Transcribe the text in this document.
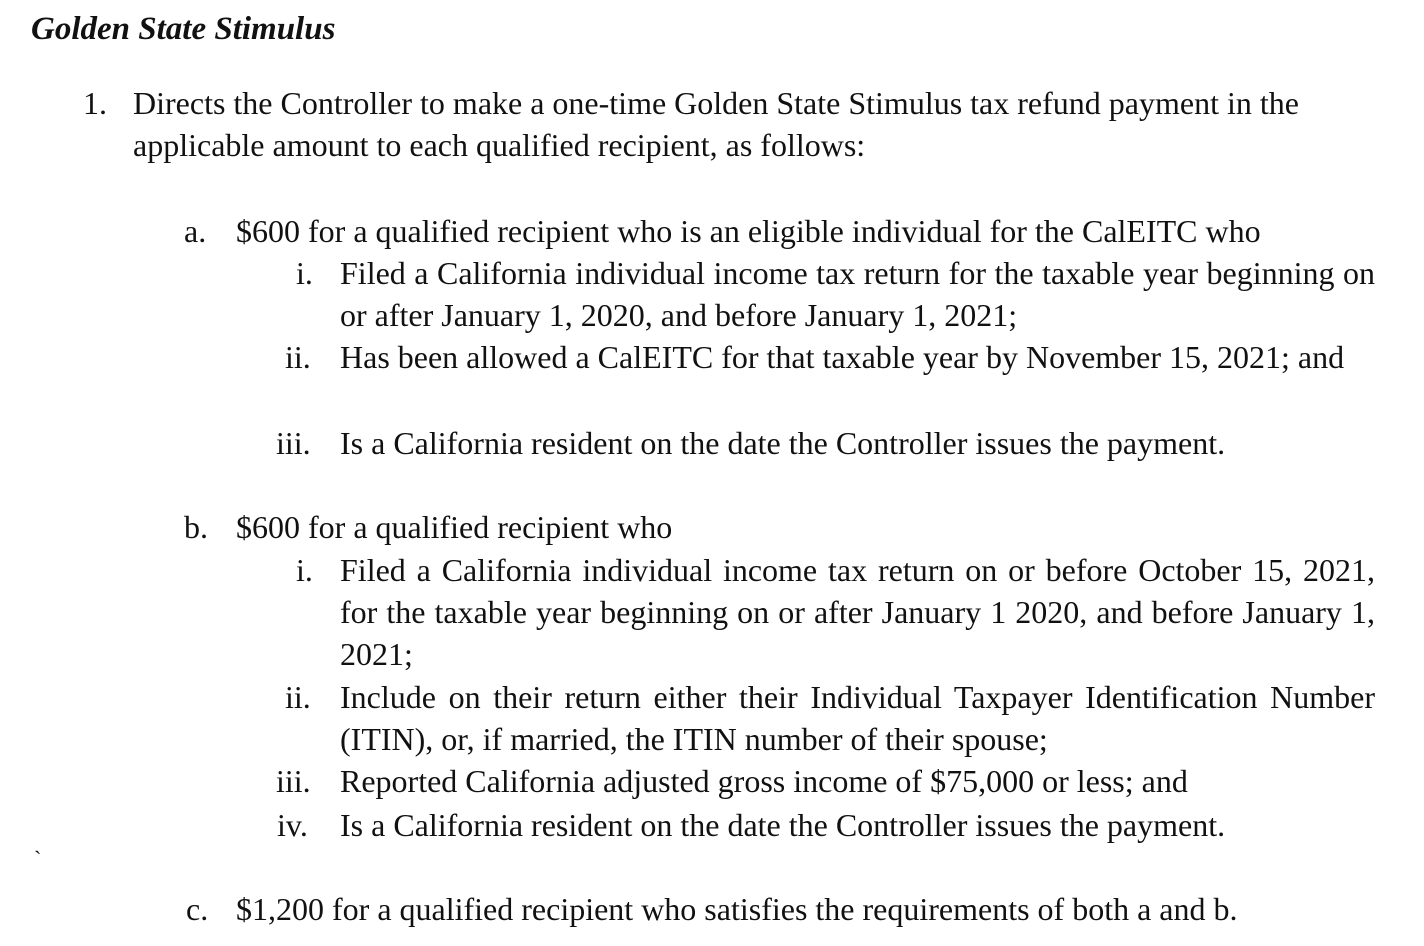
Golden State Stimulus
1. Directs the Controller to make a one-time Golden State Stimulus tax refund payment in the applicable amount to each qualified recipient, as follows:
a. $600 for a qualified recipient who is an eligible individual for the CalEITC who
i. Filed a California individual income tax return for the taxable year beginning on or after January 1, 2020, and before January 1, 2021;
ii. Has been allowed a CalEITC for that taxable year by November 15, 2021; and
iii. Is a California resident on the date the Controller issues the payment.
b. $600 for a qualified recipient who
i. Filed a California individual income tax return on or before October 15, 2021, for the taxable year beginning on or after January 1 2020, and before January 1, 2021;
ii. Include on their return either their Individual Taxpayer Identification Number (ITIN), or, if married, the ITIN number of their spouse;
iii. Reported California adjusted gross income of $75,000 or less; and
iv. Is a California resident on the date the Controller issues the payment.
`
c. $1,200 for a qualified recipient who satisfies the requirements of both a and b.
